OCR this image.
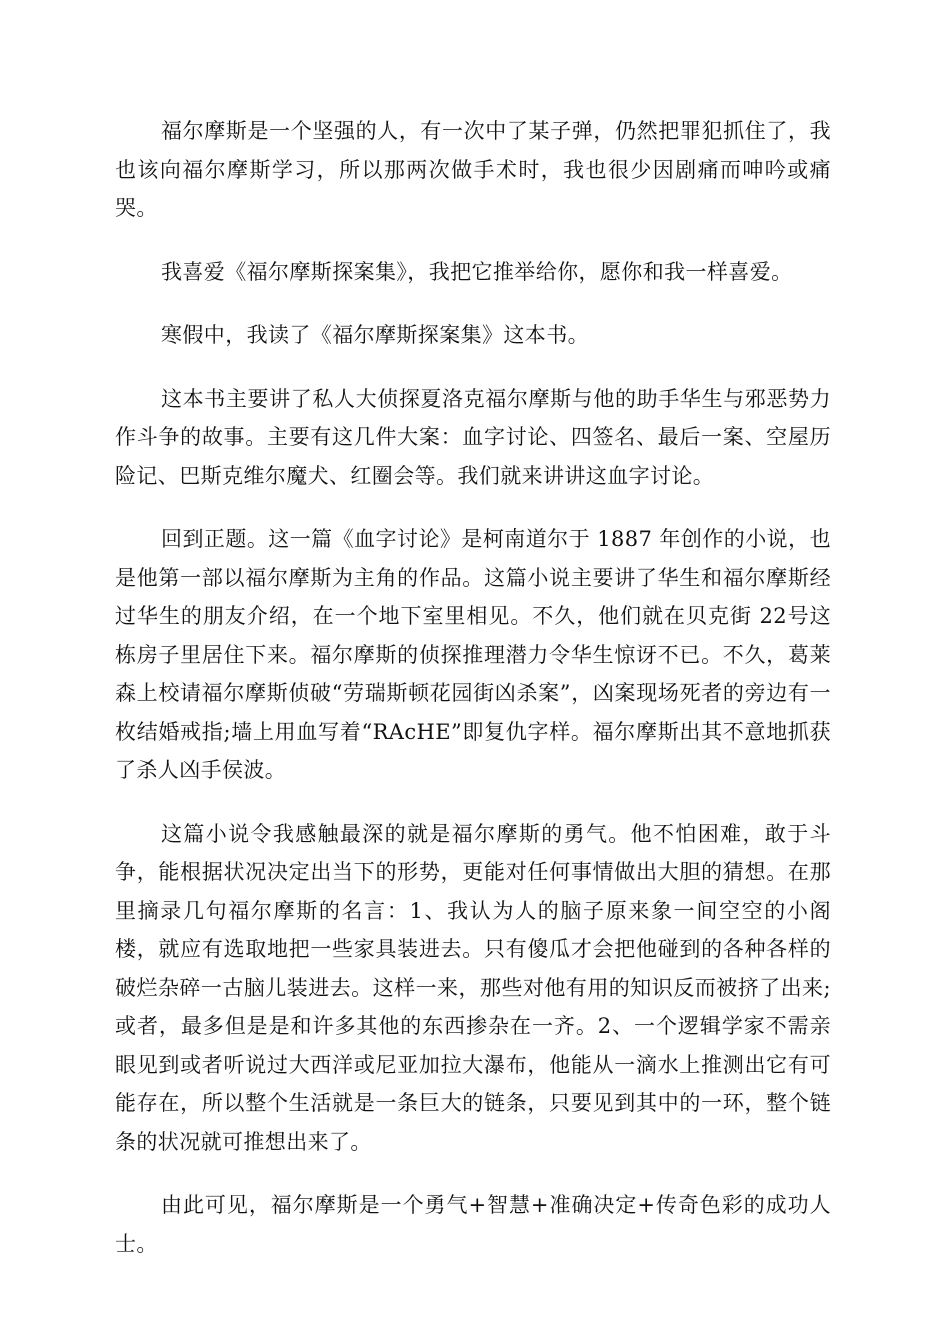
福尔摩斯是一个坚强的人，有一次中了某子弹，仍然把罪犯抓住了，我也该向福尔摩斯学习，所以那两次做手术时，我也很少因剧痛而呻吟或痛哭。

我喜爱《福尔摩斯探案集》，我把它推举给你，愿你和我一样喜爱。

寒假中，我读了《福尔摩斯探案集》这本书。

这本书主要讲了私人大侦探夏洛克福尔摩斯与他的助手华生与邪恶势力作斗争的故事。主要有这几件大案：血字讨论、四签名、最后一案、空屋历险记、巴斯克维尔魔犬、红圈会等。我们就来讲讲这血字讨论。

回到正题。这一篇《血字讨论》是柯南道尔于 1887 年创作的小说，也是他第一部以福尔摩斯为主角的作品。这篇小说主要讲了华生和福尔摩斯经过华生的朋友介绍，在一个地下室里相见。不久，他们就在贝克街 22号这栋房子里居住下来。福尔摩斯的侦探推理潜力令华生惊讶不已。不久，葛莱森上校请福尔摩斯侦破“劳瑞斯顿花园街凶杀案”，凶案现场死者的旁边有一枚结婚戒指;墙上用血写着“RAcHE”即复仇字样。福尔摩斯出其不意地抓获了杀人凶手侯波。

这篇小说令我感触最深的就是福尔摩斯的勇气。他不怕困难，敢于斗争，能根据状况决定出当下的形势，更能对任何事情做出大胆的猜想。在那里摘录几句福尔摩斯的名言：1、我认为人的脑子原来象一间空空的小阁楼，就应有选取地把一些家具装进去。只有傻瓜才会把他碰到的各种各样的破烂杂碎一古脑儿装进去。这样一来，那些对他有用的知识反而被挤了出来;或者，最多但是是和许多其他的东西掺杂在一齐。2、一个逻辑学家不需亲眼见到或者听说过大西洋或尼亚加拉大瀑布，他能从一滴水上推测出它有可能存在，所以整个生活就是一条巨大的链条，只要见到其中的一环，整个链条的状况就可推想出来了。

由此可见，福尔摩斯是一个勇气+智慧+准确决定+传奇色彩的成功人士。
